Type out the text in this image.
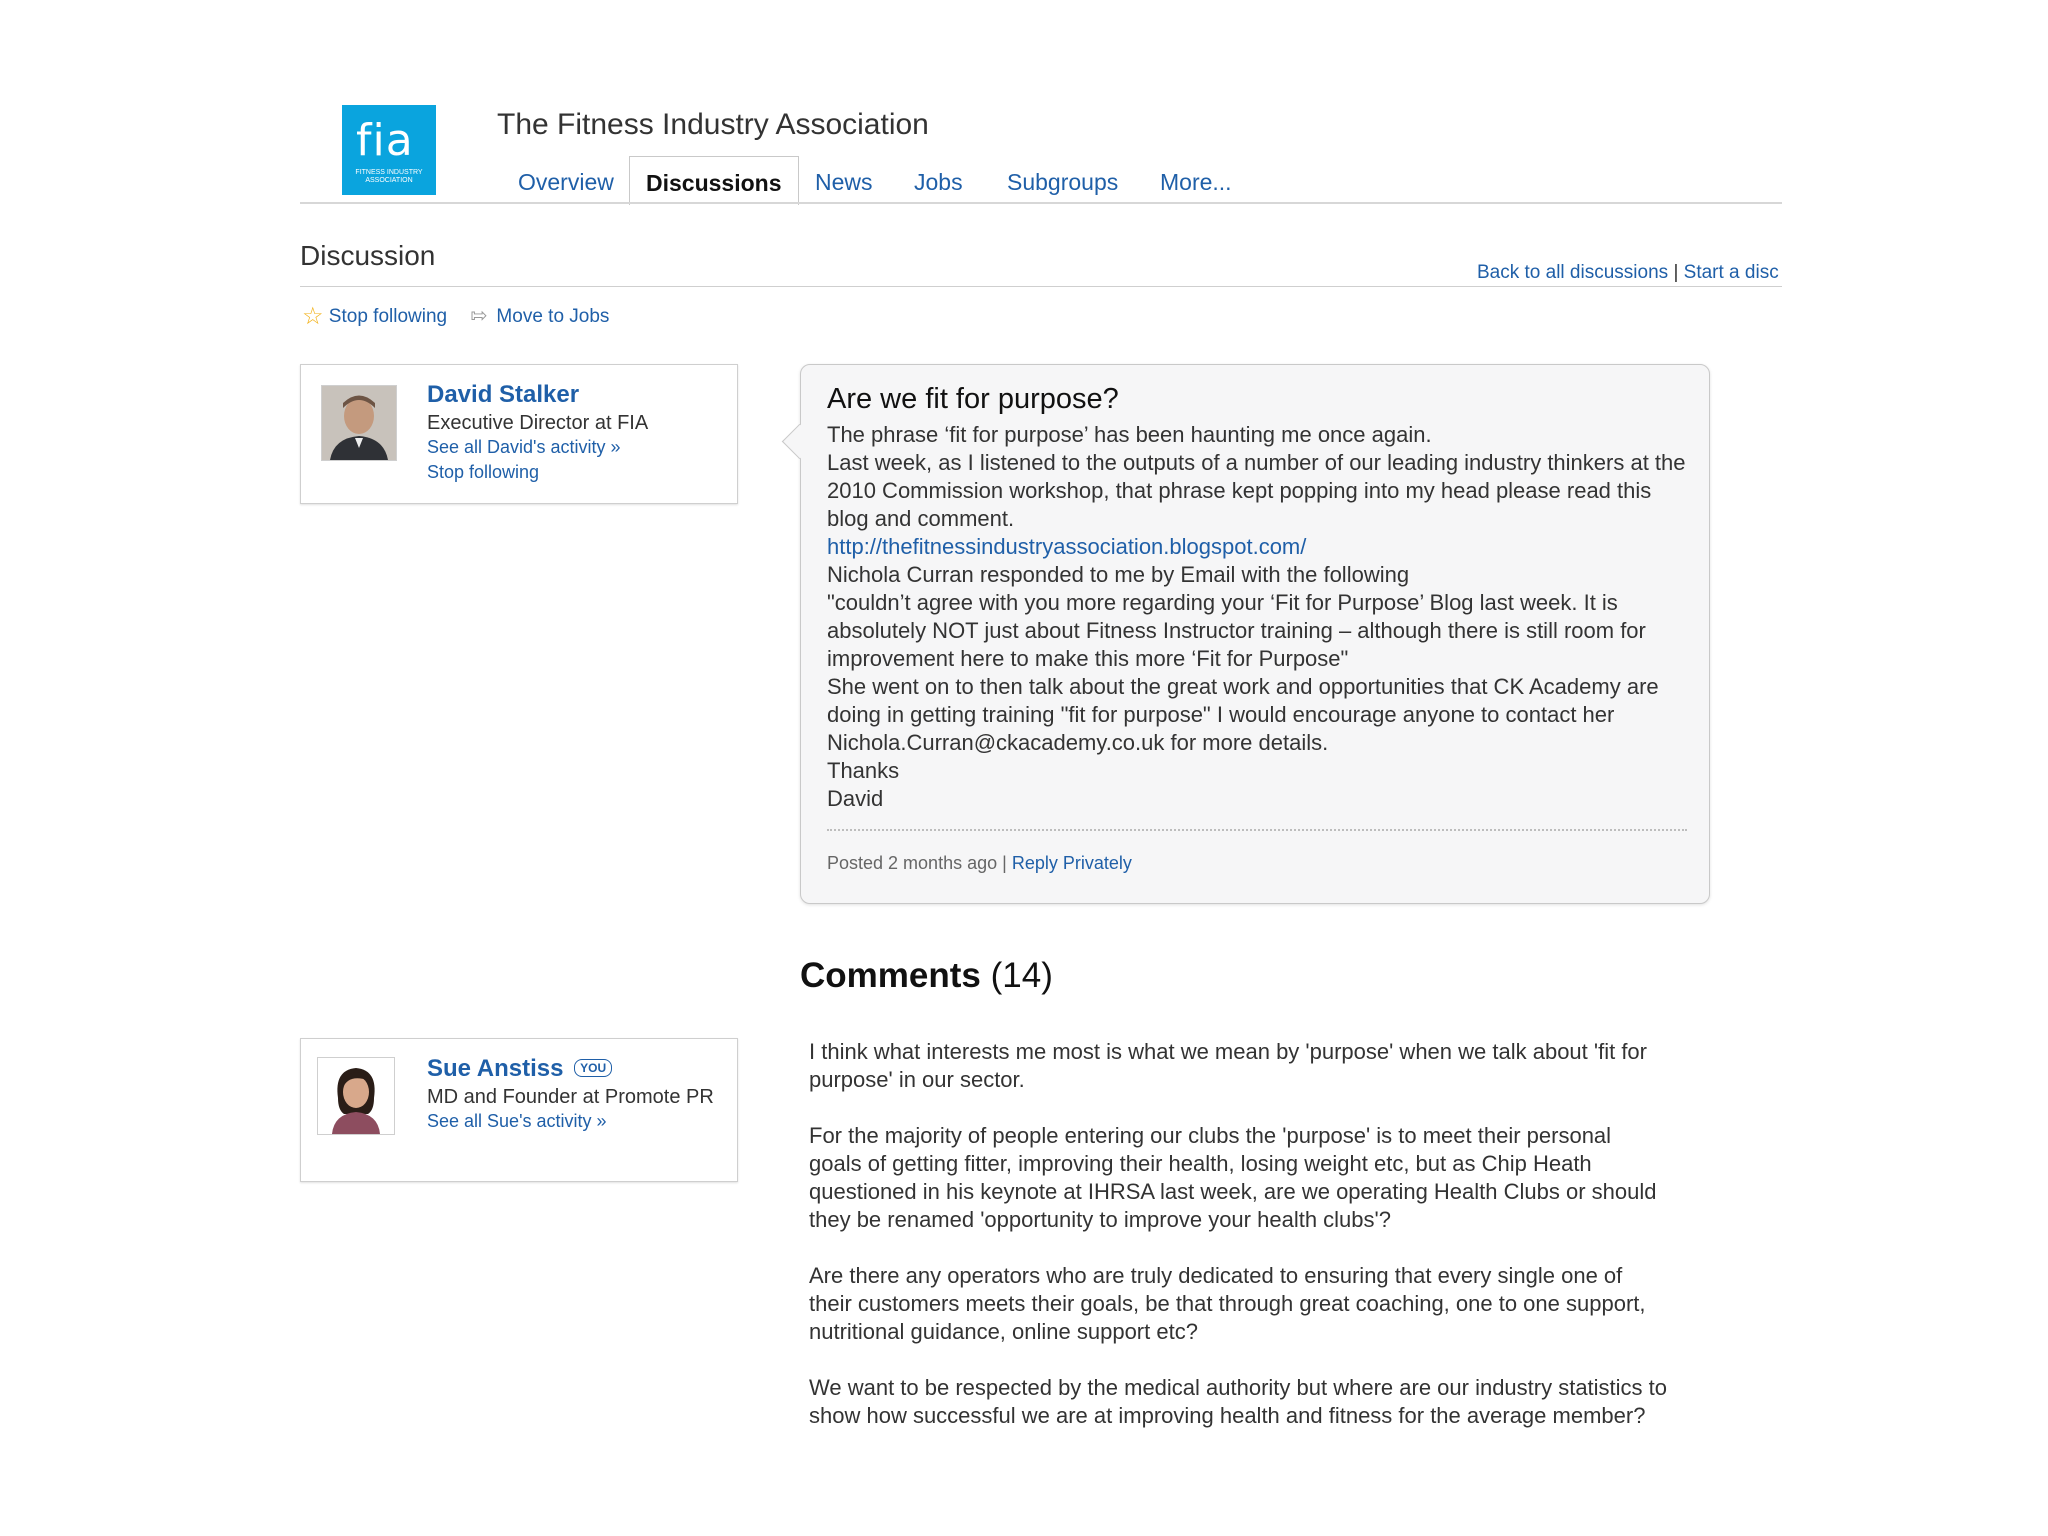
fia
FITNESS INDUSTRY ASSOCIATION
The Fitness Industry Association
Overview	Discussions	News Jobs Subgroups More...
Discussion
Back to all discussions | Start a disc
☆ Stop following ⇰ Move to Jobs
David Stalker
Executive Director at FIA
See all David's activity »
Stop following
Are we fit for purpose?
The phrase ‘fit for purpose’ has been haunting me once again.
Last week, as I listened to the outputs of a number of our leading industry thinkers at the 2010 Commission workshop, that phrase kept popping into my head please read this blog and comment.
http://thefitnessindustryassociation.blogspot.com/
Nichola Curran responded to me by Email with the following
"couldn’t agree with you more regarding your ‘Fit for Purpose’ Blog last week. It is absolutely NOT just about Fitness Instructor training – although there is still room for improvement here to make this more ‘Fit for Purpose"
She went on to then talk about the great work and opportunities that CK Academy are doing in getting training "fit for purpose" I would encourage anyone to contact her Nichola.Curran@ckacademy.co.uk for more details.
Thanks
David
Posted 2 months ago | Reply Privately
Comments (14)
Sue Anstiss YOU
MD and Founder at Promote PR
See all Sue's activity »
I think what interests me most is what we mean by 'purpose' when we talk about 'fit for purpose' in our sector.
For the majority of people entering our clubs the 'purpose' is to meet their personal goals of getting fitter, improving their health, losing weight etc, but as Chip Heath questioned in his keynote at IHRSA last week, are we operating Health Clubs or should they be renamed 'opportunity to improve your health clubs'?
Are there any operators who are truly dedicated to ensuring that every single one of their customers meets their goals, be that through great coaching, one to one support, nutritional guidance, online support etc?
We want to be respected by the medical authority but where are our industry statistics to show how successful we are at improving health and fitness for the average member?
